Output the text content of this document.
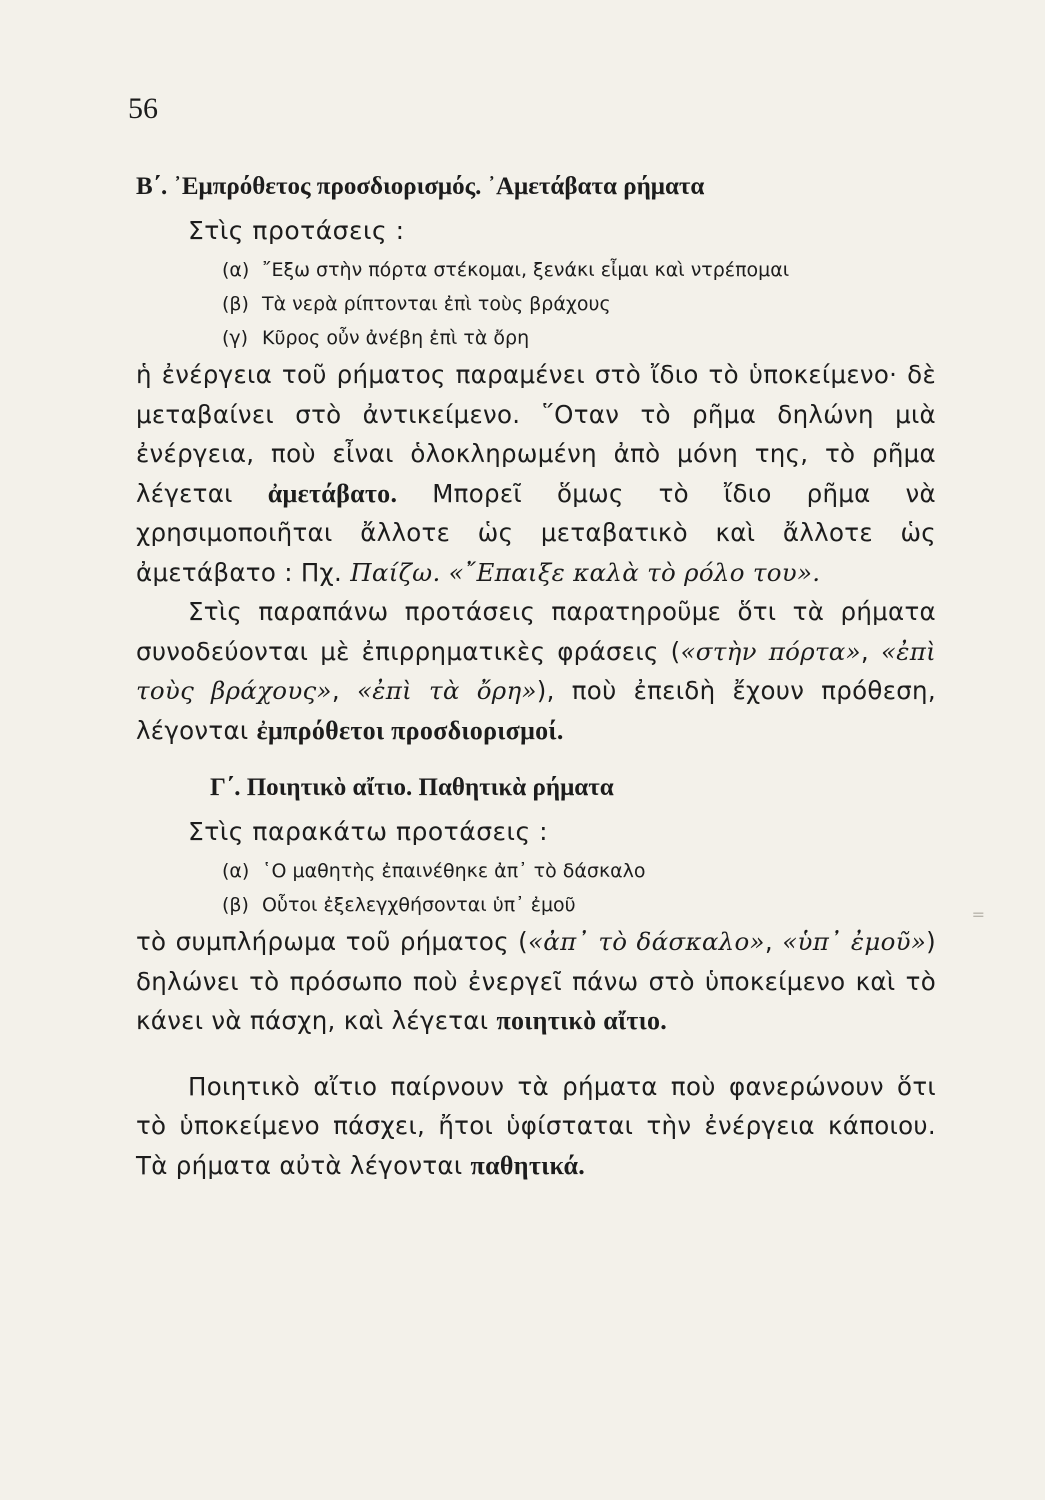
56
Β΄. ᾿Εμπρόθετος προσδιορισμός. ᾿Αμετάβατα ρήματα

Στὶς προτάσεις :

(α) ῎Εξω στὴν πόρτα στέκομαι, ξενάκι εἶμαι καὶ ντρέπομαι
(β) Τὰ νερὰ ρίπτονται ἐπὶ τοὺς βράχους
(γ) Κῦρος οὖν ἀνέβη ἐπὶ τὰ ὄρη

ἡ ἐνέργεια τοῦ ρήματος παραμένει στὸ ἴδιο τὸ ὑποκείμενο· δὲ μεταβαίνει στὸ ἀντικείμενο. ῞Οταν τὸ ρῆμα δηλώνη μιὰ ἐνέργεια, ποὺ εἶναι ὁλοκληρωμένη ἀπὸ μόνη της, τὸ ρῆμα λέγεται ἀμετάβατο. Μπορεῖ ὅμως τὸ ἴδιο ρῆμα νὰ χρησιμοποιῆται ἄλλοτε ὡς μεταβατικὸ καὶ ἄλλοτε ὡς ἀμετάβατο : Πχ. Παίζω. «῎Επαιξε καλὰ τὸ ρόλο του».

Στὶς παραπάνω προτάσεις παρατηροῦμε ὅτι τὰ ρήματα συνοδεύονται μὲ ἐπιρρηματικὲς φράσεις («στὴν πόρτα», «ἐπὶ τοὺς βράχους», «ἐπὶ τὰ ὄρη»), ποὺ ἐπειδὴ ἔχουν πρόθεση, λέγονται ἐμπρόθετοι προσδιορισμοί.

Γ΄. Ποιητικὸ αἴτιο. Παθητικὰ ρήματα

Στὶς παρακάτω προτάσεις :

(α) ῾Ο μαθητὴς ἐπαινέθηκε ἀπ᾿ τὸ δάσκαλο
(β) Οὗτοι ἐξελεγχθήσονται ὑπ᾿ ἐμοῦ

τὸ συμπλήρωμα τοῦ ρήματος («ἀπ᾿ τὸ δάσκαλο», «ὑπ᾿ ἐμοῦ») δηλώνει τὸ πρόσωπο ποὺ ἐνεργεῖ πάνω στὸ ὑποκείμενο καὶ τὸ κάνει νὰ πάσχη, καὶ λέγεται ποιητικὸ αἴτιο.

Ποιητικὸ αἴτιο παίρνουν τὰ ρήματα ποὺ φανερώνουν ὅτι τὸ ὑποκείμενο πάσχει, ἤτοι ὑφίσταται τὴν ἐνέργεια κάποιου. Τὰ ρήματα αὐτὰ λέγονται παθητικά.

=
